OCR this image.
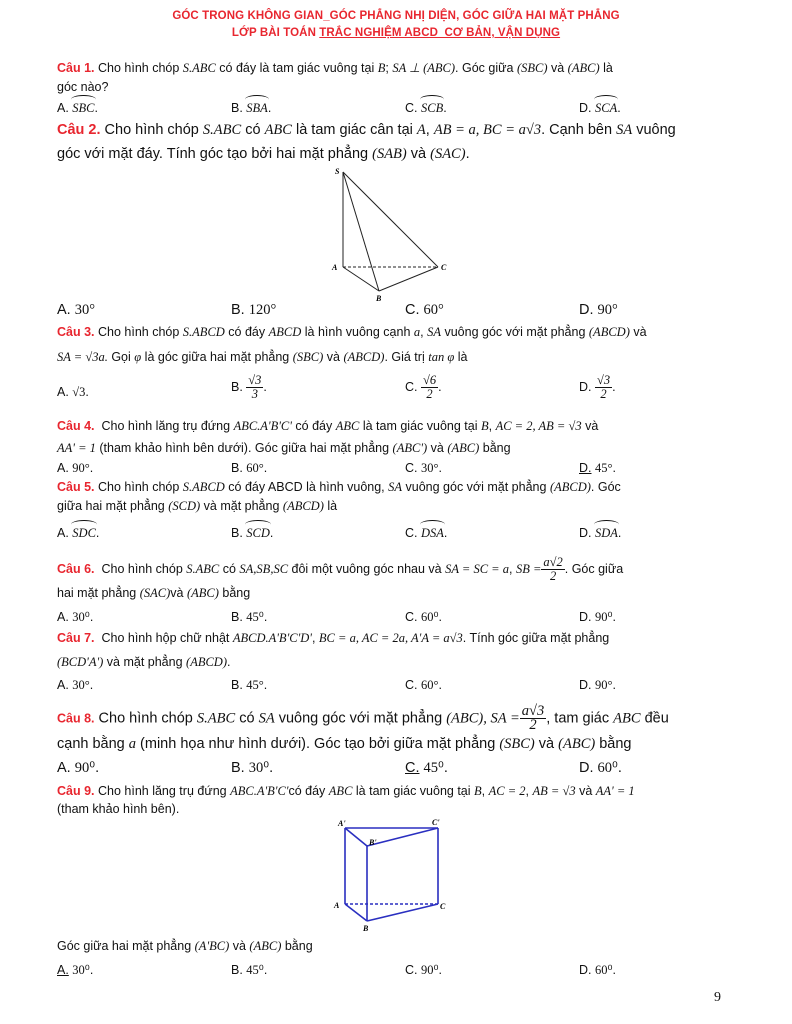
GÓC TRONG KHÔNG GIAN_GÓC PHẲNG NHỊ DIỆN, GÓC GIỮA HAI MẶT PHẲNG
LỚP BÀI TOÁN TRẮC NGHIỆM ABCD_CƠ BẢN, VẬN DỤNG
Câu 1. Cho hình chóp S.ABC có đáy là tam giác vuông tại B; SA ⊥ (ABC). Góc giữa (SBC) và (ABC) là
góc nào?
A. SBC.	B. SBA.	C. SCB.	D. SCA.
Câu 2. Cho hình chóp S.ABC có ABC là tam giác cân tại A, AB = a, BC = a√3. Cạnh bên SA vuông
góc với mặt đáy. Tính góc tạo bởi hai mặt phẳng (SAB) và (SAC).
S
A	C
B
A. 30°	B. 120°	C. 60°	D. 90°
Câu 3. Cho hình chóp S.ABCD có đáy ABCD là hình vuông cạnh a, SA vuông góc với mặt phẳng (ABCD) và
SA = √3a. Gọi φ là góc giữa hai mặt phẳng (SBC) và (ABCD). Giá trị tan φ là
A. √3.	B. $\frac{√3}{3}$ .	C. $\frac{√6}{2}$ .	D. $\frac{√3}{2}$ .
Câu 4. Cho hình lăng trụ đứng ABC.A'B'C' có đáy ABC là tam giác vuông tại B, AC = 2, AB = √3 và
AA' = 1 (tham khảo hình bên dưới). Góc giữa hai mặt phẳng (ABC') và (ABC) bằng
A. 90°.	B. 60°.	C. 30°.	D. 45°.
Câu 5. Cho hình chóp S.ABCD có đáy ABCD là hình vuông, SA vuông góc với mặt phẳng (ABCD). Góc
giữa hai mặt phẳng (SCD) và mặt phẳng (ABCD) là
A. SDC.	B. SCD.	C. DSA.	D. SDA.
Câu 6. Cho hình chóp S.ABC có SA,SB,SC đôi một vuông góc nhau và SA = SC = a, SB = $\frac{a√2}{2}$ . Góc giữa
hai mặt phẳng (SAC)và (ABC) bằng
A. 30⁰.	B. 45⁰.	C. 60⁰.	D. 90⁰.
Câu 7. Cho hình hộp chữ nhật ABCD.A'B'C'D', BC = a, AC = 2a, A'A = a√3. Tính góc giữa mặt phẳng
(BCD'A') và mặt phẳng (ABCD).
A. 30°.	B. 45°.	C. 60°.	D. 90°.
Câu 8. Cho hình chóp S.ABC có SA vuông góc với mặt phẳng (ABC), SA = $\frac{a√3}{2}$ , tam giác ABC đều
cạnh bằng a (minh họa như hình dưới). Góc tạo bởi giữa mặt phẳng (SBC) và (ABC) bằng
A. 90⁰.	B. 30⁰.	C. 45⁰.	D. 60⁰.
Câu 9. Cho hình lăng trụ đứng ABC.A'B'C'có đáy ABC là tam giác vuông tại B, AC = 2, AB = √3 và AA' = 1
(tham khảo hình bên).
A'	C'
B'
A	C
B
Góc giữa hai mặt phẳng (A'BC) và (ABC) bằng
A. 30⁰.	B. 45⁰.	C. 90⁰.	D. 60⁰.
9
